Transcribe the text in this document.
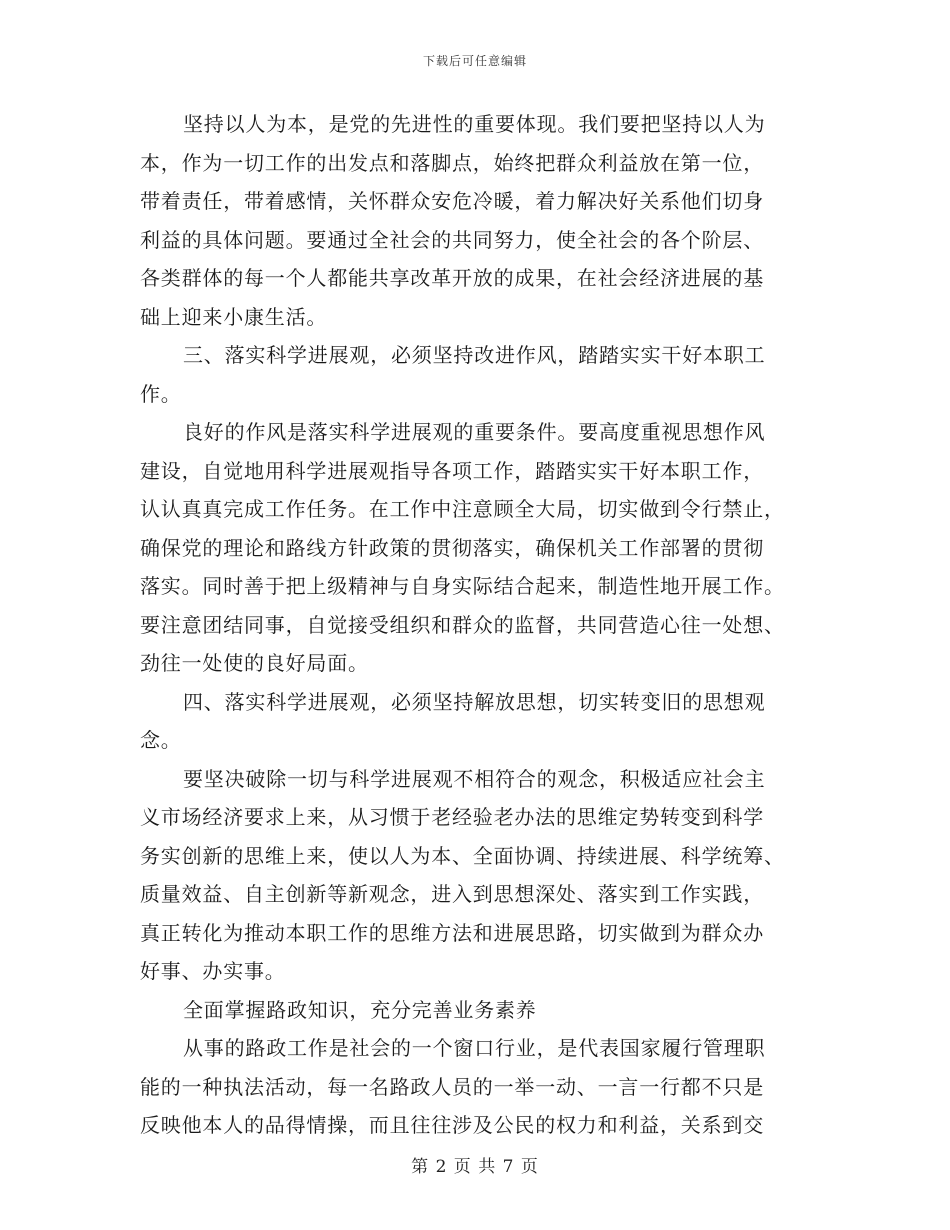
下载后可任意编辑
坚持以人为本，是党的先进性的重要体现。我们要把坚持以人为
本，作为一切工作的出发点和落脚点，始终把群众利益放在第一位，
带着责任，带着感情，关怀群众安危冷暖，着力解决好关系他们切身
利益的具体问题。要通过全社会的共同努力，使全社会的各个阶层、
各类群体的每一个人都能共享改革开放的成果，在社会经济进展的基
础上迎来小康生活。
三、落实科学进展观，必须坚持改进作风，踏踏实实干好本职工
作。
良好的作风是落实科学进展观的重要条件。要高度重视思想作风
建设，自觉地用科学进展观指导各项工作，踏踏实实干好本职工作，
认认真真完成工作任务。在工作中注意顾全大局，切实做到令行禁止，
确保党的理论和路线方针政策的贯彻落实，确保机关工作部署的贯彻
落实。同时善于把上级精神与自身实际结合起来，制造性地开展工作。
要注意团结同事，自觉接受组织和群众的监督，共同营造心往一处想、
劲往一处使的良好局面。
四、落实科学进展观，必须坚持解放思想，切实转变旧的思想观
念。
要坚决破除一切与科学进展观不相符合的观念，积极适应社会主
义市场经济要求上来，从习惯于老经验老办法的思维定势转变到科学
务实创新的思维上来，使以人为本、全面协调、持续进展、科学统筹、
质量效益、自主创新等新观念，进入到思想深处、落实到工作实践，
真正转化为推动本职工作的思维方法和进展思路，切实做到为群众办
好事、办实事。
全面掌握路政知识，充分完善业务素养
从事的路政工作是社会的一个窗口行业，是代表国家履行管理职
能的一种执法活动，每一名路政人员的一举一动、一言一行都不只是
反映他本人的品得情操，而且往往涉及公民的权力和利益，关系到交
第 2 页 共 7 页
